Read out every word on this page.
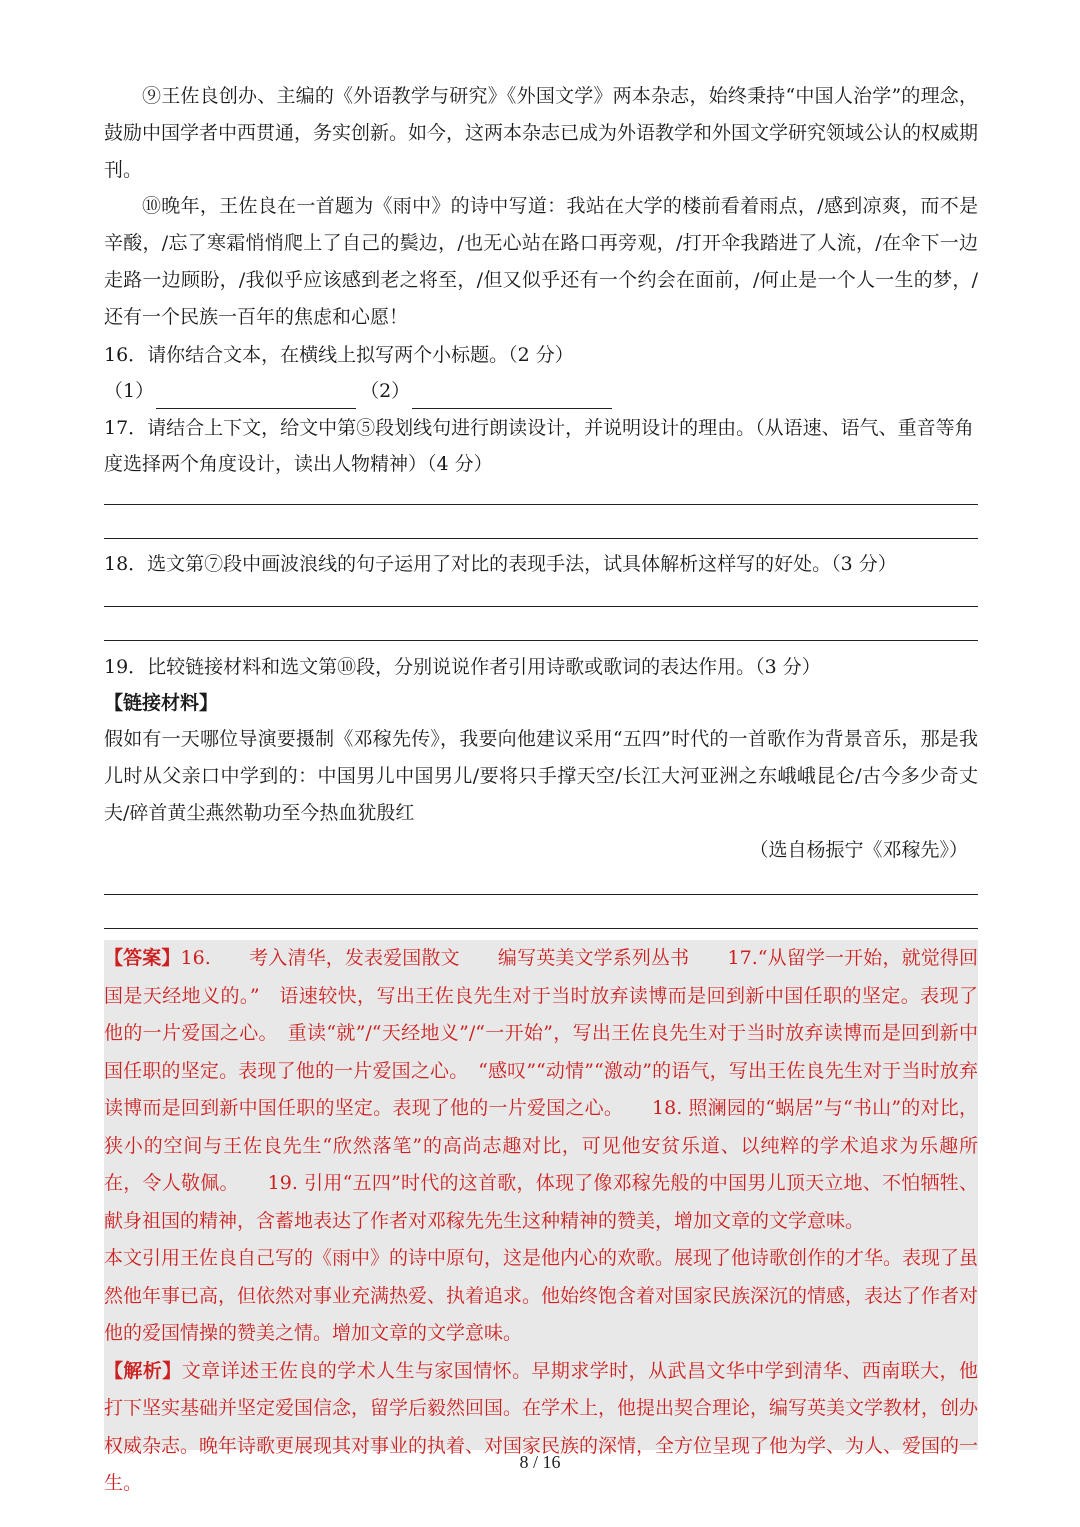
⑨王佐良创办、主编的《外语教学与研究》《外国文学》两本杂志，始终秉持“中国人治学”的理念，鼓励中国学者中西贯通，务实创新。如今，这两本杂志已成为外语教学和外国文学研究领域公认的权威期刊。

⑩晚年，王佐良在一首题为《雨中》的诗中写道：我站在大学的楼前看着雨点，/感到凉爽，而不是辛酸，/忘了寒霜悄悄爬上了自己的鬓边，/也无心站在路口再旁观，/打开伞我踏进了人流，/在伞下一边走路一边顾盼，/我似乎应该感到老之将至，/但又似乎还有一个约会在面前，/何止是一个人一生的梦，/还有一个民族一百年的焦虑和心愿！

16．请你结合文本，在横线上拟写两个小标题。（2 分）

（1）	（2）

17．请结合上下文，给文中第⑤段划线句进行朗读设计，并说明设计的理由。（从语速、语气、重音等角度选择两个角度设计，读出人物精神）（4 分）

18．选文第⑦段中画波浪线的句子运用了对比的表现手法，试具体解析这样写的好处。（3 分）

19．比较链接材料和选文第⑩段，分别说说作者引用诗歌或歌词的表达作用。（3 分）

【链接材料】

假如有一天哪位导演要摄制《邓稼先传》，我要向他建议采用“五四”时代的一首歌作为背景音乐，那是我儿时从父亲口中学到的：中国男儿中国男儿/要将只手撑天空/长江大河亚洲之东峨峨昆仑/古今多少奇丈夫/碎首黄尘燕然勒功至今热血犹殷红

（选自杨振宁《邓稼先》）

【答案】16.　　考入清华，发表爱国散文　　编写英美文学系列丛书　　17.“从留学一开始，就觉得回国是天经地义的。”　语速较快，写出王佐良先生对于当时放弃读博而是回到新中国任职的坚定。表现了他的一片爱国之心。　重读“就”/“天经地义”/“一开始”，写出王佐良先生对于当时放弃读博而是回到新中国任职的坚定。表现了他的一片爱国之心。　“感叹”“动情”“激动”的语气，写出王佐良先生对于当时放弃读博而是回到新中国任职的坚定。表现了他的一片爱国之心。　　18. 照澜园的“蜗居”与“书山”的对比，狭小的空间与王佐良先生“欣然落笔”的高尚志趣对比，可见他安贫乐道、以纯粹的学术追求为乐趣所在，令人敬佩。　　19. 引用“五四”时代的这首歌，体现了像邓稼先般的中国男儿顶天立地、不怕牺牲、献身祖国的精神，含蓄地表达了作者对邓稼先先生这种精神的赞美，增加文章的文学意味。

本文引用王佐良自己写的《雨中》的诗中原句，这是他内心的欢歌。展现了他诗歌创作的才华。表现了虽然他年事已高，但依然对事业充满热爱、执着追求。他始终饱含着对国家民族深沉的情感，表达了作者对他的爱国情操的赞美之情。增加文章的文学意味。

【解析】文章详述王佐良的学术人生与家国情怀。早期求学时，从武昌文华中学到清华、西南联大，他打下坚实基础并坚定爱国信念，留学后毅然回国。在学术上，他提出契合理论，编写英美文学教材，创办权威杂志。晚年诗歌更展现其对事业的执着、对国家民族的深情，全方位呈现了他为学、为人、爱国的一生。

8 / 16
